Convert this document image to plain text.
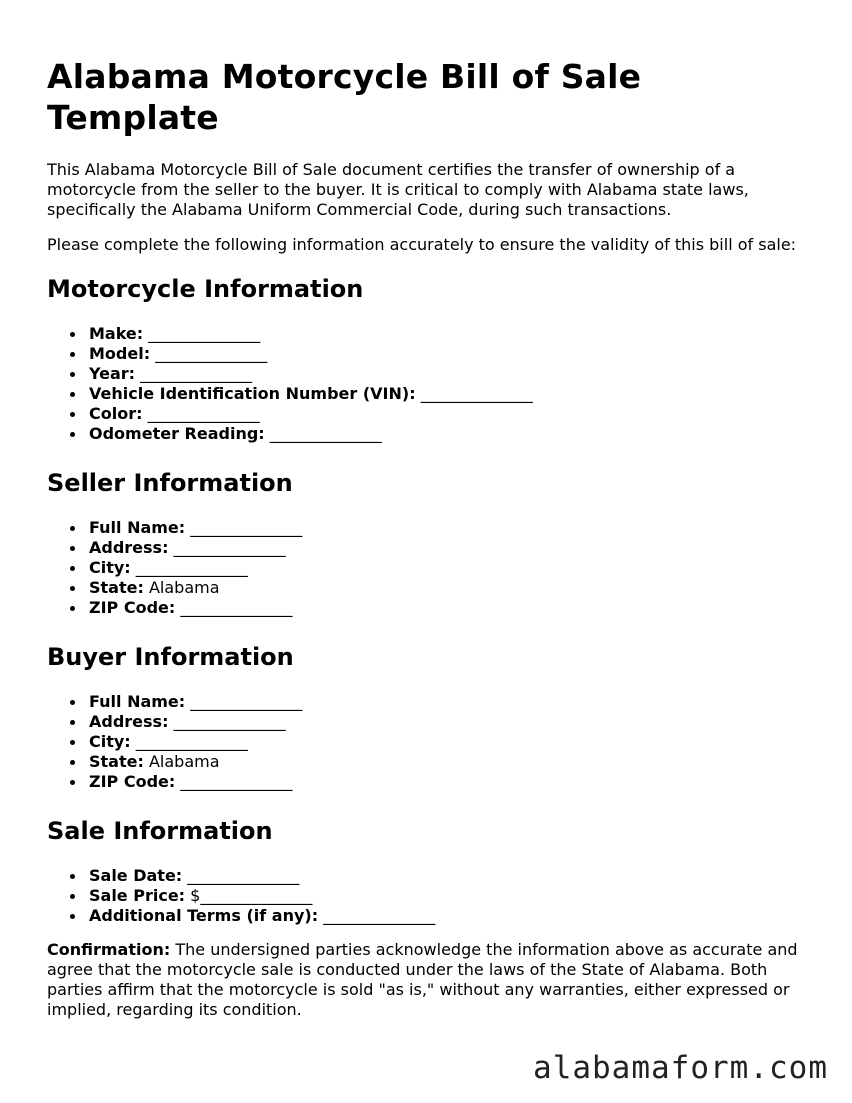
Alabama Motorcycle Bill of Sale Template

This Alabama Motorcycle Bill of Sale document certifies the transfer of ownership of a motorcycle from the seller to the buyer. It is critical to comply with Alabama state laws, specifically the Alabama Uniform Commercial Code, during such transactions.

Please complete the following information accurately to ensure the validity of this bill of sale:

Motorcycle Information
Make: ______________
Model: ______________
Year: ______________
Vehicle Identification Number (VIN): ______________
Color: ______________
Odometer Reading: ______________
Seller Information
Full Name: ______________
Address: ______________
City: ______________
State: Alabama
ZIP Code: ______________
Buyer Information
Full Name: ______________
Address: ______________
City: ______________
State: Alabama
ZIP Code: ______________
Sale Information
Sale Date: ______________
Sale Price: $______________
Additional Terms (if any): ______________

Confirmation: The undersigned parties acknowledge the information above as accurate and agree that the motorcycle sale is conducted under the laws of the State of Alabama. Both parties affirm that the motorcycle is sold "as is," without any warranties, either expressed or implied, regarding its condition.

alabamaform.com
